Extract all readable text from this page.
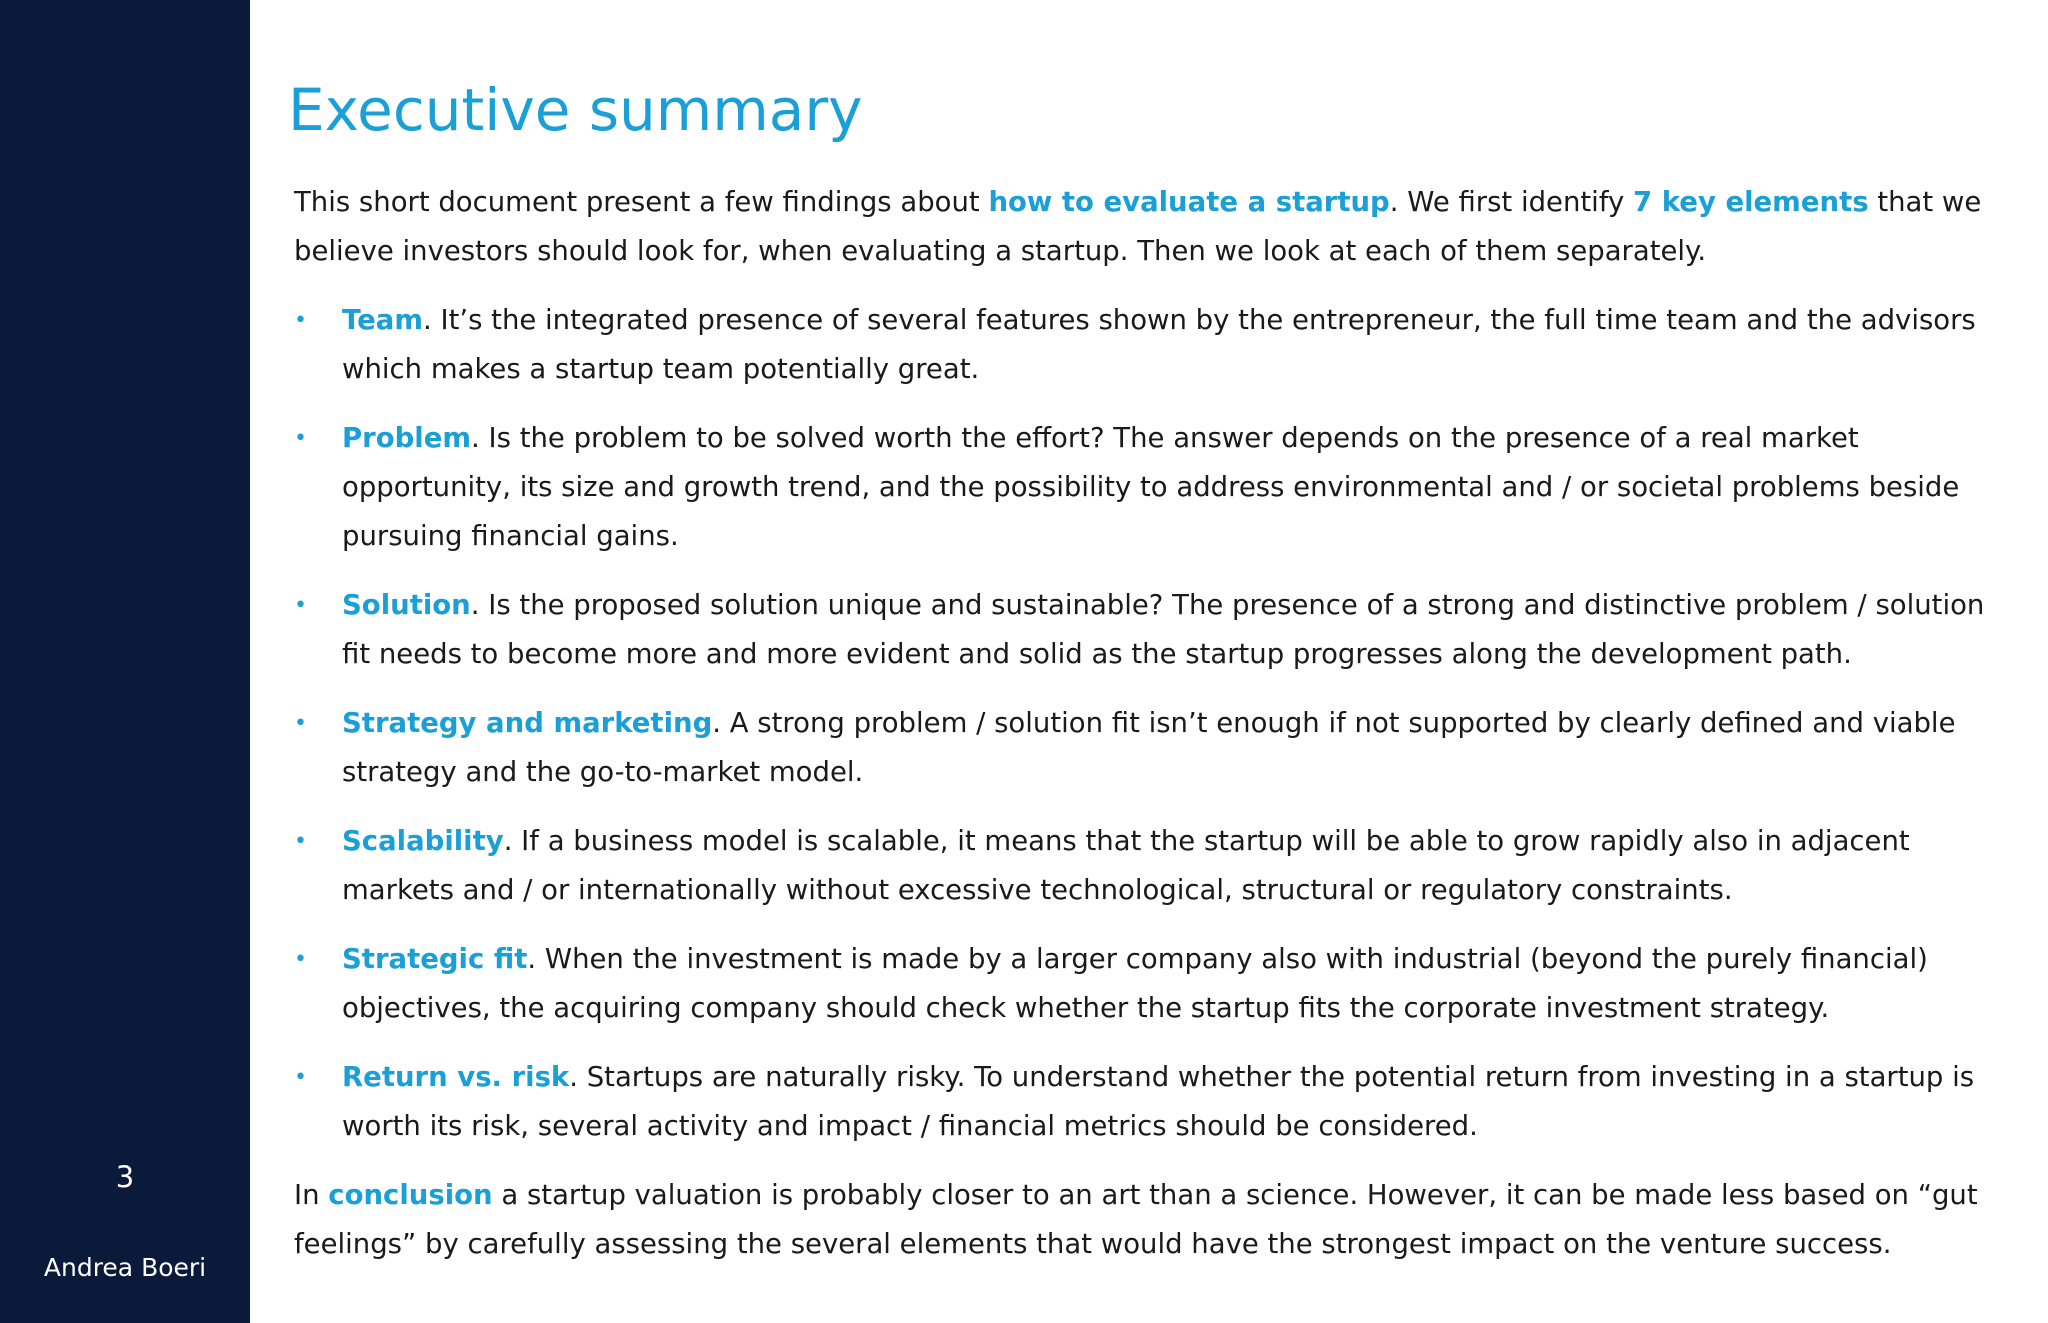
3
Andrea Boeri
Executive summary

This short document present a few findings about how to evaluate a startup. We first identify 7 key elements that we believe investors should look for, when evaluating a startup. Then we look at each of them separately.

• Team. It’s the integrated presence of several features shown by the entrepreneur, the full time team and the advisors which makes a startup team potentially great.
• Problem. Is the problem to be solved worth the effort? The answer depends on the presence of a real market opportunity, its size and growth trend, and the possibility to address environmental and / or societal problems beside pursuing financial gains.
• Solution. Is the proposed solution unique and sustainable? The presence of a strong and distinctive problem / solution fit needs to become more and more evident and solid as the startup progresses along the development path.
• Strategy and marketing. A strong problem / solution fit isn’t enough if not supported by clearly defined and viable strategy and the go-to-market model.
• Scalability. If a business model is scalable, it means that the startup will be able to grow rapidly also in adjacent markets and / or internationally without excessive technological, structural or regulatory constraints.
• Strategic fit. When the investment is made by a larger company also with industrial (beyond the purely financial) objectives, the acquiring company should check whether the startup fits the corporate investment strategy.
• Return vs. risk. Startups are naturally risky. To understand whether the potential return from investing in a startup is worth its risk, several activity and impact / financial metrics should be considered.

In conclusion a startup valuation is probably closer to an art than a science. However, it can be made less based on “gut feelings” by carefully assessing the several elements that would have the strongest impact on the venture success.
